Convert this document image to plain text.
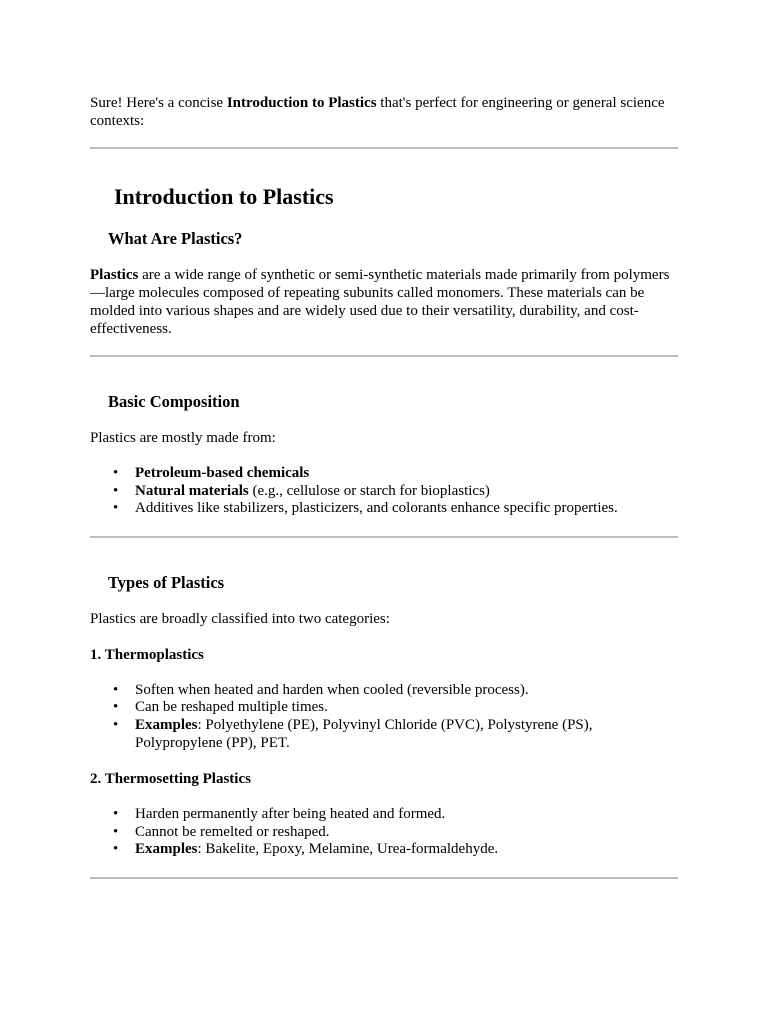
Sure! Here's a concise Introduction to Plastics that's perfect for engineering or general science contexts:

Introduction to Plastics
What Are Plastics?

Plastics are a wide range of synthetic or semi-synthetic materials made primarily from polymers—large molecules composed of repeating subunits called monomers. These materials can be molded into various shapes and are widely used due to their versatility, durability, and cost-effectiveness.

Basic Composition

Plastics are mostly made from:

• Petroleum-based chemicals
• Natural materials (e.g., cellulose or starch for bioplastics)
• Additives like stabilizers, plasticizers, and colorants enhance specific properties.
Types of Plastics

Plastics are broadly classified into two categories:

1. Thermoplastics
• Soften when heated and harden when cooled (reversible process).
• Can be reshaped multiple times.
• Examples: Polyethylene (PE), Polyvinyl Chloride (PVC), Polystyrene (PS), Polypropylene (PP), PET.
2. Thermosetting Plastics
• Harden permanently after being heated and formed.
• Cannot be remelted or reshaped.
• Examples: Bakelite, Epoxy, Melamine, Urea-formaldehyde.
